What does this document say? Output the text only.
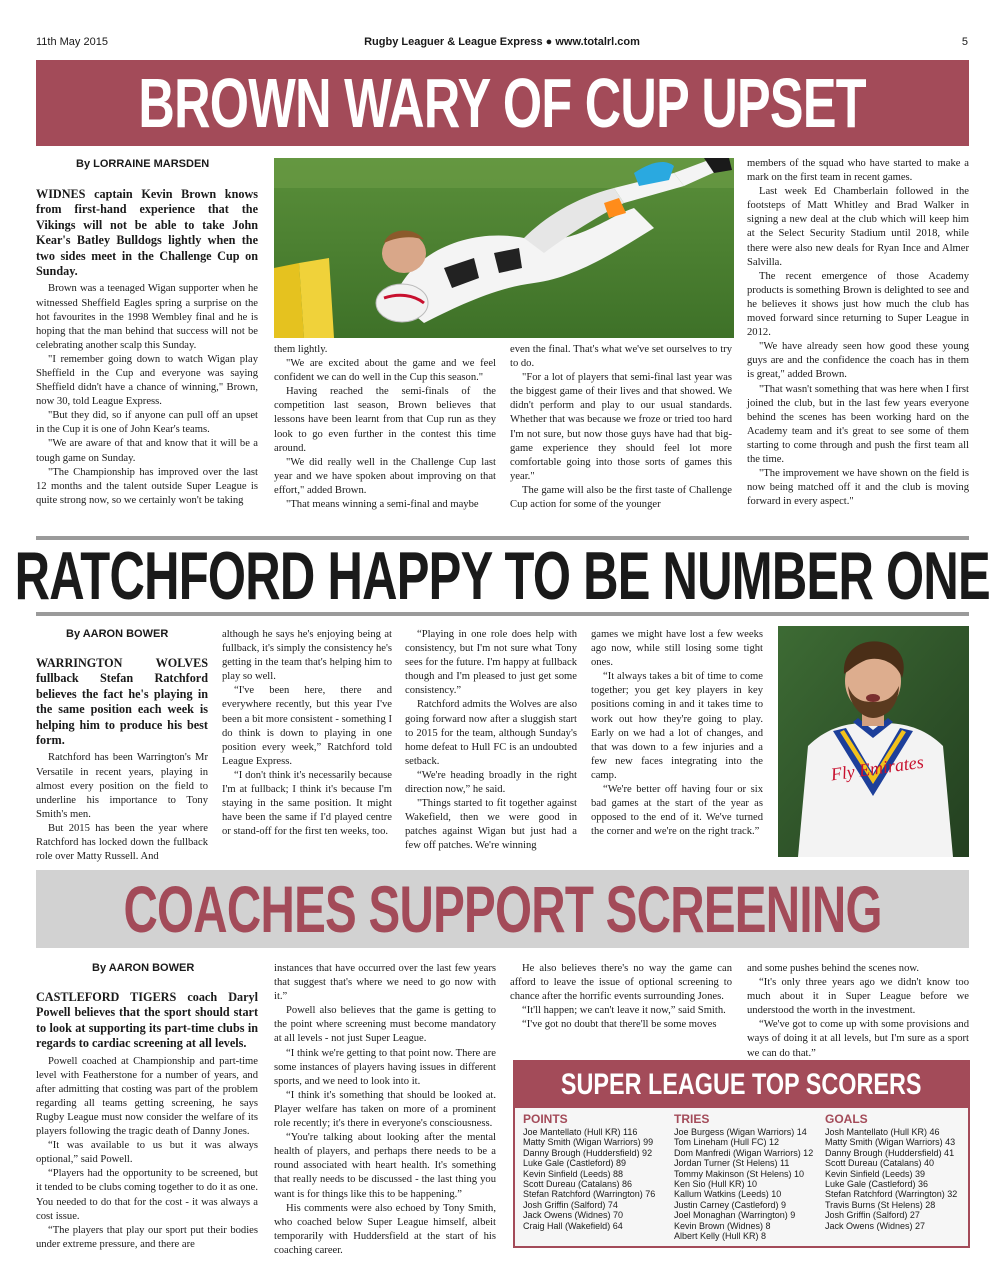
11th May 2015	Rugby Leaguer & League Express ● www.totalrl.com	5
BROWN WARY OF CUP UPSET
By LORRAINE MARSDEN

WIDNES captain Kevin Brown knows from first-hand experience that the Vikings will not be able to take John Kear's Batley Bulldogs lightly when the two sides meet in the Challenge Cup on Sunday.

Brown was a teenaged Wigan supporter when he witnessed Sheffield Eagles spring a surprise on the hot favourites in the 1998 Wembley final and he is hoping that the man behind that success will not be celebrating another scalp this Sunday.

"I remember going down to watch Wigan play Sheffield in the Cup and everyone was saying Sheffield didn't have a chance of winning," Brown, now 30, told League Express.

"But they did, so if anyone can pull off an upset in the Cup it is one of John Kear's teams.

"We are aware of that and know that it will be a tough game on Sunday.

"The Championship has improved over the last 12 months and the talent outside Super League is quite strong now, so we certainly won't be taking

them lightly.

"We are excited about the game and we feel confident we can do well in the Cup this season."

Having reached the semi-finals of the competition last season, Brown believes that lessons have been learnt from that Cup run as they look to go even further in the contest this time around.

"We did really well in the Challenge Cup last year and we have spoken about improving on that effort," added Brown.

"That means winning a semi-final and maybe

even the final. That's what we've set ourselves to try to do.

"For a lot of players that semi-final last year was the biggest game of their lives and that showed. We didn't perform and play to our usual standards. Whether that was because we froze or tried too hard I'm not sure, but now those guys have had that big-game experience they should feel lot more comfortable going into those sorts of games this year."

The game will also be the first taste of Challenge Cup action for some of the younger

members of the squad who have started to make a mark on the first team in recent games.

Last week Ed Chamberlain followed in the footsteps of Matt Whitley and Brad Walker in signing a new deal at the club which will keep him at the Select Security Stadium until 2018, while there were also new deals for Ryan Ince and Almer Salvilla.

The recent emergence of those Academy products is something Brown is delighted to see and he believes it shows just how much the club has moved forward since returning to Super League in 2012.

"We have already seen how good these young guys are and the confidence the coach has in them is great," added Brown.

"That wasn't something that was here when I first joined the club, but in the last few years everyone behind the scenes has been working hard on the Academy team and it's great to see some of them starting to come through and push the first team all the time.

"The improvement we have shown on the field is now being matched off it and the club is moving forward in every aspect."

RATCHFORD HAPPY TO BE NUMBER ONE
By AARON BOWER

WARRINGTON WOLVES fullback Stefan Ratchford believes the fact he's playing in the same position each week is helping him to produce his best form.

Ratchford has been Warrington's Mr Versatile in recent years, playing in almost every position on the field to underline his importance to Tony Smith's men.

But 2015 has been the year where Ratchford has locked down the fullback role over Matty Russell. And

although he says he's enjoying being at fullback, it's simply the consistency he's getting in the team that's helping him to play so well.

“I've been here, there and everywhere recently, but this year I've been a bit more consistent - something I do think is down to playing in one position every week,” Ratchford told League Express.

“I don't think it's necessarily because I'm at fullback; I think it's because I'm staying in the same position. It might have been the same if I'd played centre or stand-off for the first ten weeks, too.

“Playing in one role does help with consistency, but I'm not sure what Tony sees for the future. I'm happy at fullback though and I'm pleased to just get some consistency.”

Ratchford admits the Wolves are also going forward now after a sluggish start to 2015 for the team, although Sunday's home defeat to Hull FC is an undoubted setback.

“We're heading broadly in the right direction now,” he said.

"Things started to fit together against Wakefield, then we were good in patches against Wigan but just had a few off patches. We're winning

games we might have lost a few weeks ago now, while still losing some tight ones.

“It always takes a bit of time to come together; you get key players in key positions coming in and it takes time to work out how they're going to play. Early on we had a lot of changes, and that was down to a few injuries and a few new faces integrating into the camp.

“We're better off having four or six bad games at the start of the year as opposed to the end of it. We've turned the corner and we're on the right track.”

Fly Emirates
COACHES SUPPORT SCREENING
By AARON BOWER

CASTLEFORD TIGERS coach Daryl Powell believes that the sport should start to look at supporting its part-time clubs in regards to cardiac screening at all levels.

Powell coached at Championship and part-time level with Featherstone for a number of years, and after admitting that costing was part of the problem regarding all teams getting screening, he says Rugby League must now consider the welfare of its players following the tragic death of Danny Jones.

“It was available to us but it was always optional,” said Powell.

“Players had the opportunity to be screened, but it tended to be clubs coming together to do it as one. You needed to do that for the cost - it was always a cost issue.

“The players that play our sport put their bodies under extreme pressure, and there are

instances that have occurred over the last few years that suggest that's where we need to go now with it.”

Powell also believes that the game is getting to the point where screening must become mandatory at all levels - not just Super League.

“I think we're getting to that point now. There are some instances of players having issues in different sports, and we need to look into it.

“I think it's something that should be looked at. Player welfare has taken on more of a prominent role recently; it's there in everyone's consciousness.

“You're talking about looking after the mental health of players, and perhaps there needs to be a round associated with heart health. It's something that really needs to be discussed - the last thing you want is for things like this to be happening.”

His comments were also echoed by Tony Smith, who coached below Super League himself, albeit temporarily with Huddersfield at the start of his coaching career.

He also believes there's no way the game can afford to leave the issue of optional screening to chance after the horrific events surrounding Jones.

“It'll happen; we can't leave it now,” said Smith.

“I've got no doubt that there'll be some moves

and some pushes behind the scenes now.

“It's only three years ago we didn't know too much about it in Super League before we understood the worth in the investment.

“We've got to come up with some provisions and ways of doing it at all levels, but I'm sure as a sport we can do that.”

SUPER LEAGUE TOP SCORERS
POINTS
Joe Mantellato (Hull KR) 116
Matty Smith (Wigan Warriors) 99
Danny Brough (Huddersfield) 92
Luke Gale (Castleford) 89
Kevin Sinfield (Leeds) 88
Scott Dureau (Catalans) 86
Stefan Ratchford (Warrington) 76
Josh Griffin (Salford) 74
Jack Owens (Widnes) 70
Craig Hall (Wakefield) 64
TRIES
Joe Burgess (Wigan Warriors) 14
Tom Lineham (Hull FC) 12
Dom Manfredi (Wigan Warriors) 12
Jordan Turner (St Helens) 11
Tommy Makinson (St Helens) 10
Ken Sio (Hull KR) 10
Kallum Watkins (Leeds) 10
Justin Carney (Castleford) 9
Joel Monaghan (Warrington) 9
Kevin Brown (Widnes) 8
Albert Kelly (Hull KR) 8
GOALS
Josh Mantellato (Hull KR) 46
Matty Smith (Wigan Warriors) 43
Danny Brough (Huddersfield) 41
Scott Dureau (Catalans) 40
Kevin Sinfield (Leeds) 39
Luke Gale (Castleford) 36
Stefan Ratchford (Warrington) 32
Travis Burns (St Helens) 28
Josh Griffin (Salford) 27
Jack Owens (Widnes) 27
